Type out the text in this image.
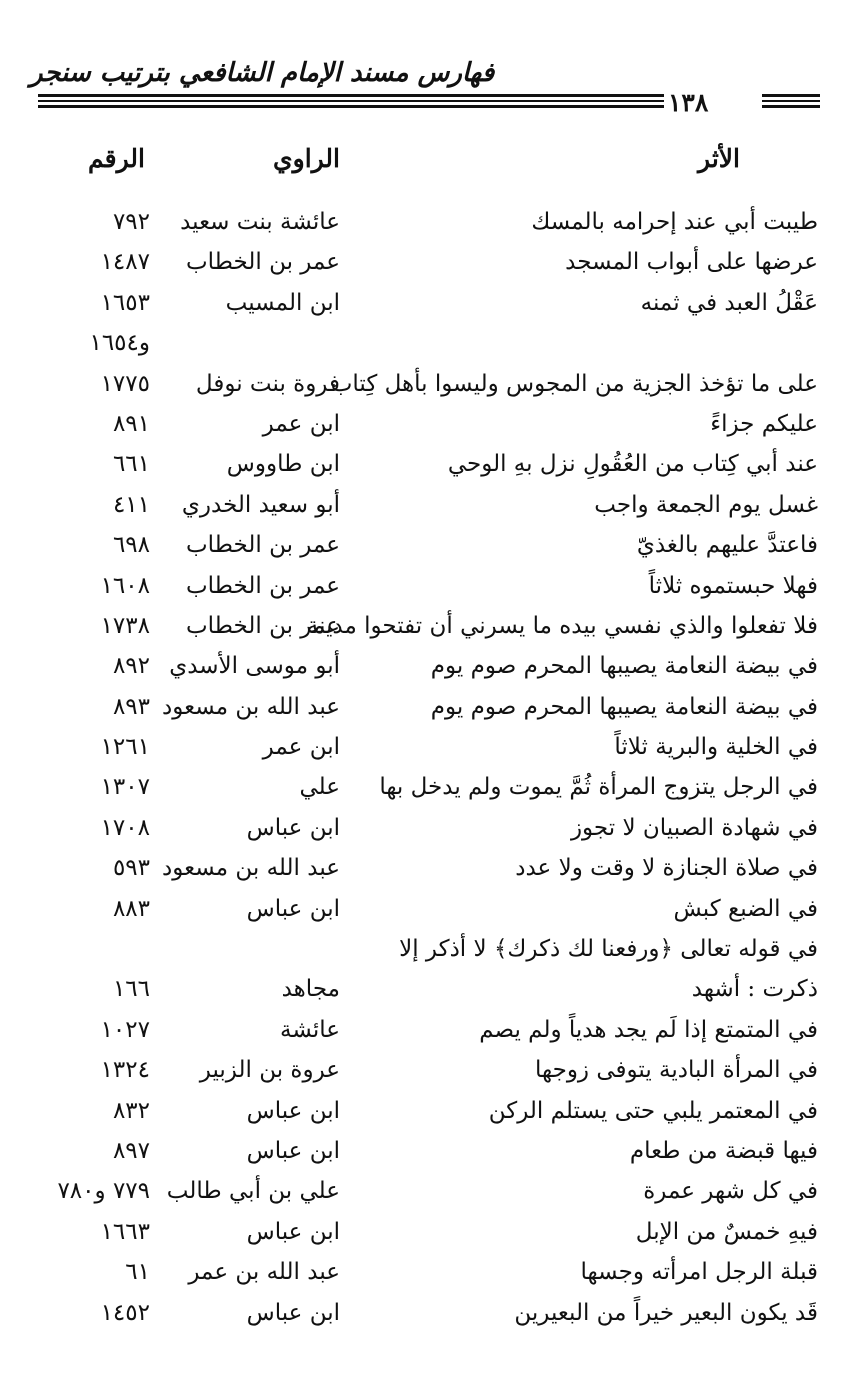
فهارس مسند الإمام الشافعي بترتيب سنجر
١٣٨
الأثر
الراوي
الرقم
طيبت أبي عند إحرامه بالمسك
عائشة بنت سعيد
٧٩٢
عرضها على أبواب المسجد
عمر بن الخطاب
١٤٨٧
عَقْلُ العبد في ثمنه
ابن المسيب
١٦٥٣
و١٦٥٤
على ما تؤخذ الجزية من المجوس وليسوا بأهل كِتاب
فروة بنت نوفل
١٧٧٥
عليكم جزاءً
ابن عمر
٨٩١
عند أبي كِتاب من العُقُولِ نزل بهِ الوحي
ابن طاووس
٦٦١
غسل يوم الجمعة واجب
أبو سعيد الخدري
٤١١
فاعتدَّ عليهم بالغذيّ
عمر بن الخطاب
٦٩٨
فهلا حبستموه ثلاثاً
عمر بن الخطاب
١٦٠٨
فلا تفعلوا والذي نفسي بيده ما يسرني أن تفتحوا مدينة
عمر بن الخطاب
١٧٣٨
في بيضة النعامة يصيبها المحرم صوم يوم
أبو موسى الأسدي
٨٩٢
في بيضة النعامة يصيبها المحرم صوم يوم
عبد الله بن مسعود
٨٩٣
في الخلية والبرية ثلاثاً
ابن عمر
١٢٦١
في الرجل يتزوج المرأة ثُمَّ يموت ولم يدخل بها
علي
١٣٠٧
في شهادة الصبيان لا تجوز
ابن عباس
١٧٠٨
في صلاة الجنازة لا وقت ولا عدد
عبد الله بن مسعود
٥٩٣
في الضبع كبش
ابن عباس
٨٨٣
في قوله تعالى ﴿ورفعنا لك ذكرك﴾ لا أذكر إلا
ذكرت : أشهد
مجاهد
١٦٦
في المتمتع إذا لَم يجد هدياً ولم يصم
عائشة
١٠٢٧
في المرأة البادية يتوفى زوجها
عروة بن الزبير
١٣٢٤
في المعتمر يلبي حتى يستلم الركن
ابن عباس
٨٣٢
فيها قبضة من طعام
ابن عباس
٨٩٧
في كل شهر عمرة
علي بن أبي طالب
٧٧٩ و٧٨٠
فيهِ خمسٌ من الإبل
ابن عباس
١٦٦٣
قبلة الرجل امرأته وجسها
عبد الله بن عمر
٦١
قَد يكون البعير خيراً من البعيرين
ابن عباس
١٤٥٢
